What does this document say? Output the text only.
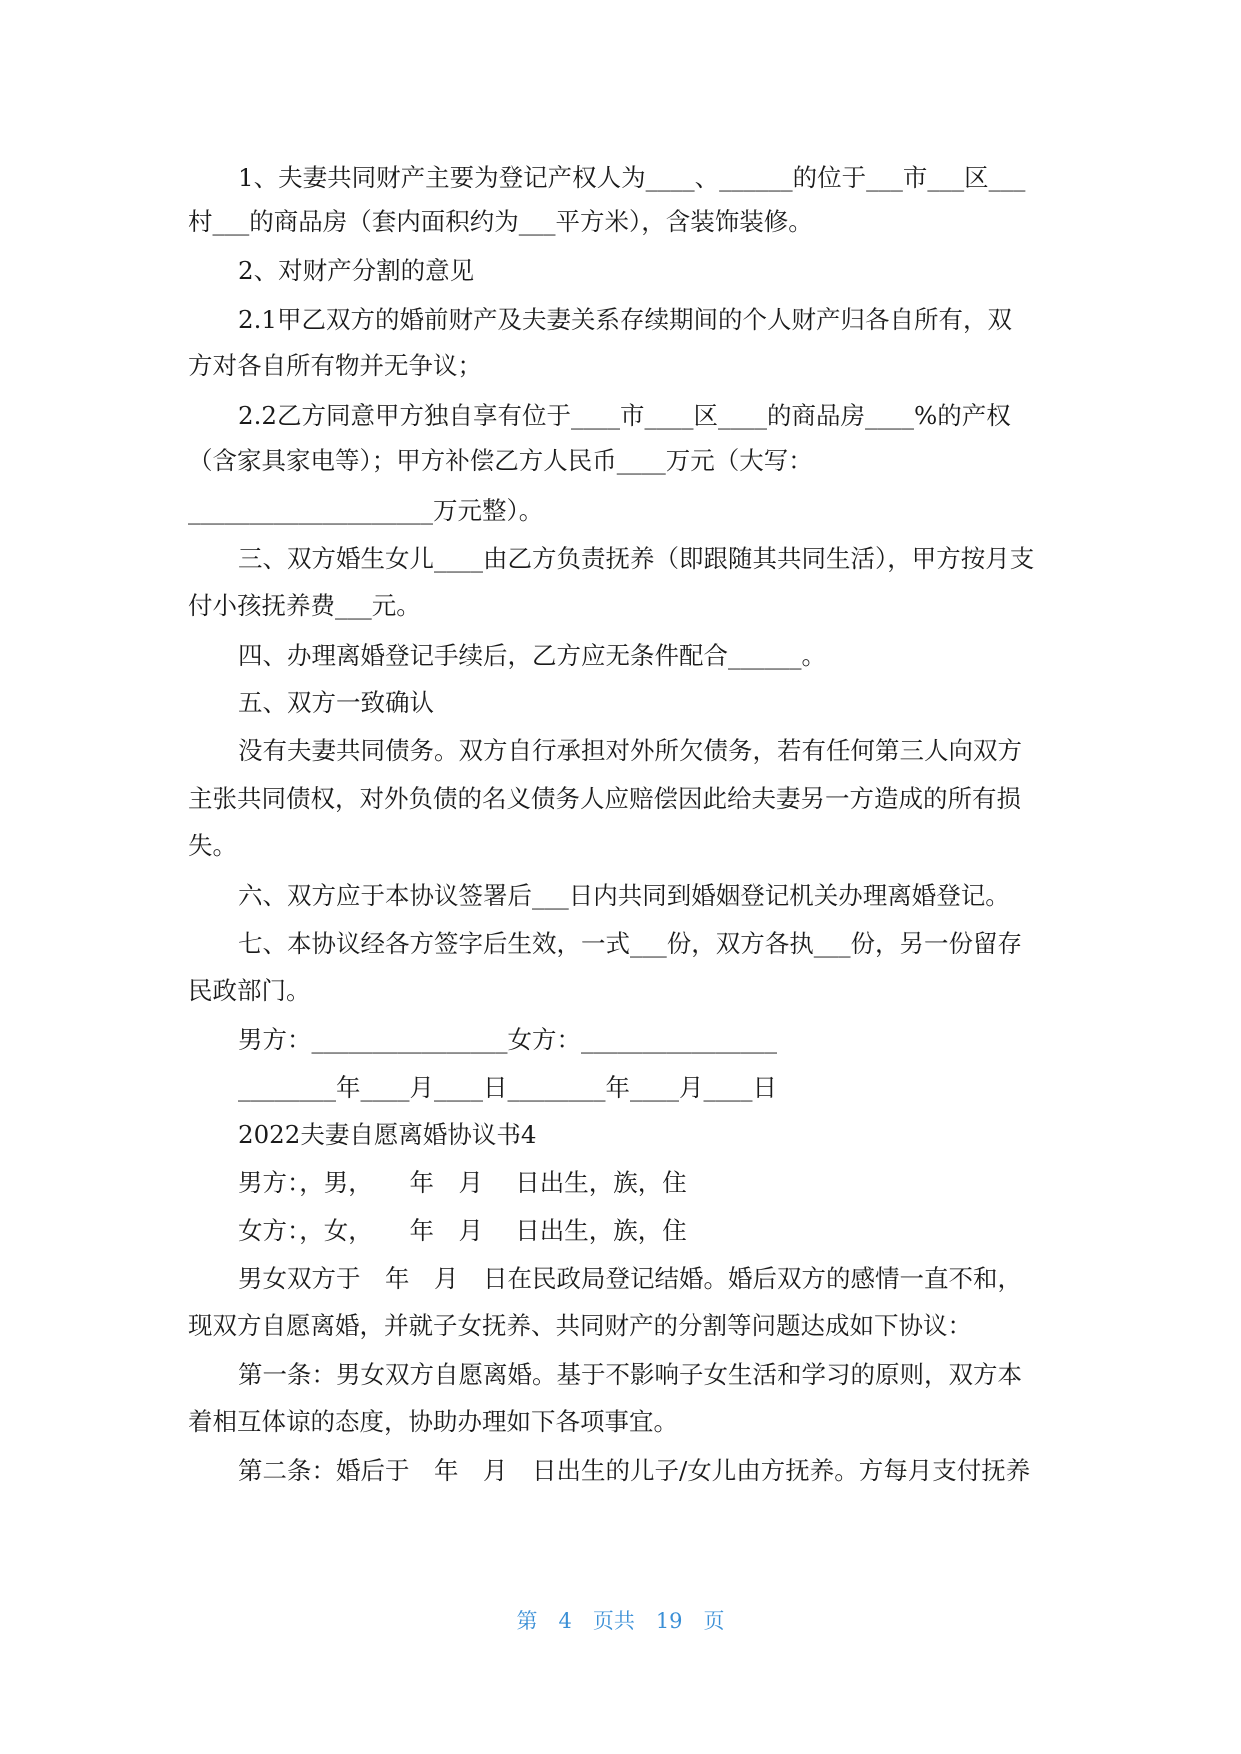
1、夫妻共同财产主要为登记产权人为____、______的位于___市___区___

村___的商品房（套内面积约为___平方米），含装饰装修。

2、对财产分割的意见

2.1甲乙双方的婚前财产及夫妻关系存续期间的个人财产归各自所有，双

方对各自所有物并无争议；

2.2乙方同意甲方独自享有位于____市____区____的商品房____%的产权

（含家具家电等）；甲方补偿乙方人民币____万元（大写：

____________________万元整）。

三、双方婚生女儿____由乙方负责抚养（即跟随其共同生活），甲方按月支

付小孩抚养费___元。

四、办理离婚登记手续后，乙方应无条件配合______。

五、双方一致确认

没有夫妻共同债务。双方自行承担对外所欠债务，若有任何第三人向双方

主张共同债权，对外负债的名义债务人应赔偿因此给夫妻另一方造成的所有损

失。

六、双方应于本协议签署后___日内共同到婚姻登记机关办理离婚登记。

七、本协议经各方签字后生效，一式___份，双方各执___份，另一份留存

民政部门。

男方：________________女方：________________

________年____月____日________年____月____日

2022夫妻自愿离婚协议书4

男方：，男，　　年　月　 日出生，族，住

女方：，女，　　年　月　 日出生，族，住

男女双方于　年　月　日在民政局登记结婚。婚后双方的感情一直不和，

现双方自愿离婚，并就子女抚养、共同财产的分割等问题达成如下协议：

第一条：男女双方自愿离婚。基于不影响子女生活和学习的原则，双方本

着相互体谅的态度，协助办理如下各项事宜。

第二条：婚后于　年　月　日出生的儿子/女儿由方抚养。方每月支付抚养

第　4　页共　19　页
